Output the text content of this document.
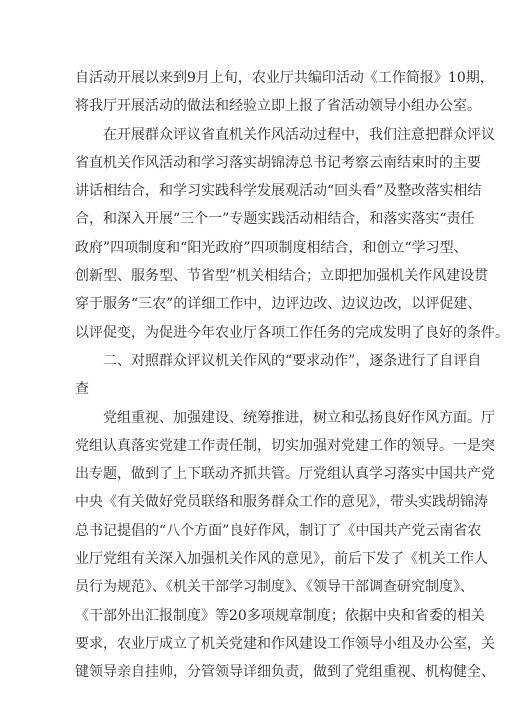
自活动开展以来到9月上旬，农业厅共编印活动《工作简报》10期，
将我厅开展活动的做法和经验立即上报了省活动领导小组办公室。

在开展群众评议省直机关作风活动过程中，我们注意把群众评议
省直机关作风活动和学习落实胡锦涛总书记考察云南结束时的主要
讲话相结合，和学习实践科学发展观活动“回头看”及整改落实相结
合，和深入开展“三个一”专题实践活动相结合，和落实落实“责任
政府”四项制度和“阳光政府”四项制度相结合，和创立“学习型、
创新型、服务型、节省型”机关相结合；立即把加强机关作风建设贯
穿于服务“三农”的详细工作中，边评边改、边议边改，以评促建、
以评促变，为促进今年农业厅各项工作任务的完成发明了良好的条件。

二、对照群众评议机关作风的“要求动作”，逐条进行了自评自
查

党组重视、加强建设、统筹推进，树立和弘扬良好作风方面。厅
党组认真落实党建工作责任制，切实加强对党建工作的领导。一是突
出专题，做到了上下联动齐抓共管。厅党组认真学习落实中国共产党
中央《有关做好党员联络和服务群众工作的意见》，带头实践胡锦涛
总书记提倡的“八个方面”良好作风，制订了《中国共产党云南省农
业厅党组有关深入加强机关作风的意见》，前后下发了《机关工作人
员行为规范》、《机关干部学习制度》、《领导干部调查研究制度》、
《干部外出汇报制度》等20多项规章制度；依据中央和省委的相关
要求，农业厅成立了机关党建和作风建设工作领导小组及办公室，关
键领导亲自挂帅，分管领导详细负责，做到了党组重视、机构健全、
